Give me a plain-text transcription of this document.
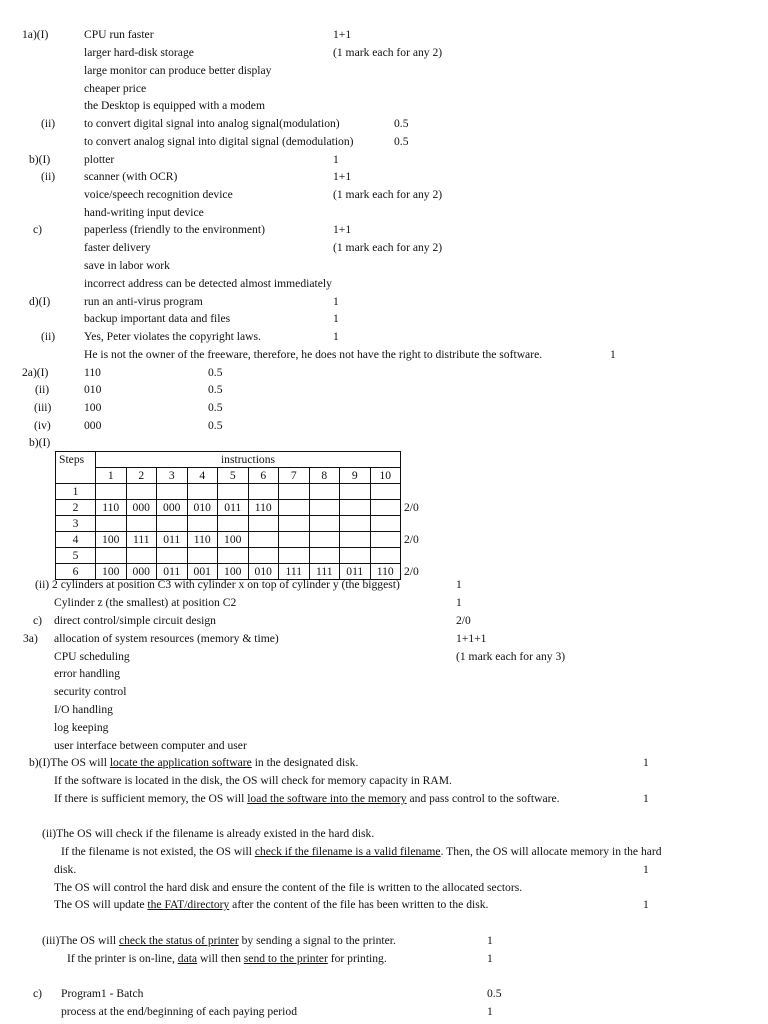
1a)(I)	CPU run faster	1+1
larger hard-disk storage	(1 mark each for any 2)
large monitor can produce better display
cheaper price
the Desktop is equipped with a modem
(ii) to convert digital signal into analog signal(modulation)	0.5
to convert analog signal into digital signal (demodulation)	0.5
b)(I)	plotter	1
(ii) scanner (with OCR)	1+1
voice/speech recognition device	(1 mark each for any 2)
hand-writing input device
c)	paperless (friendly to the environment)	1+1
faster delivery	(1 mark each for any 2)
save in labor work
incorrect address can be detected almost immediately
d)(I)	run an anti-virus program	1
backup important data and files	1
(ii) Yes, Peter violates the copyright laws.	1
He is not the owner of the freeware, therefore, he does not have the right to distribute the software.	1
2a)(I)	110	0.5
(ii)	010	0.5
(iii)	100	0.5
(iv)	000	0.5
b)(I)
Steps	instructions										
	1	2	3	4	5	6	7	8	9	10	
1											
2	110	000	000	010	011	110					2/0
3											
4	100	111	011	110	100						2/0
5											
6	100	000	011	001	100	010	111	111	011	110	2/0
(ii) 2 cylinders at position C3 with cylinder x on top of cylinder y (the biggest)	1
Cylinder z (the smallest) at position C2	1
c) direct control/simple circuit design	2/0
3a) allocation of system resources (memory & time)	1+1+1
CPU scheduling	(1 mark each for any 3)
error handling
security control
I/O handling
log keeping
user interface between computer and user
b)(I)The OS will locate the application software in the designated disk.	1
If the software is located in the disk, the OS will check for memory capacity in RAM.
If there is sufficient memory, the OS will load the software into the memory and pass control to the software.	1
(ii)The OS will check if the filename is already existed in the hard disk.
If the filename is not existed, the OS will check if the filename is a valid filename. Then, the OS will allocate memory in the hard
disk.	1
The OS will control the hard disk and ensure the content of the file is written to the allocated sectors.
The OS will update the FAT/directory after the content of the file has been written to the disk.	1
(iii)The OS will check the status of printer by sending a signal to the printer.	1
If the printer is on-line, data will then send to the printer for printing.	1
c) Program1 - Batch	0.5
process at the end/beginning of each paying period	1
